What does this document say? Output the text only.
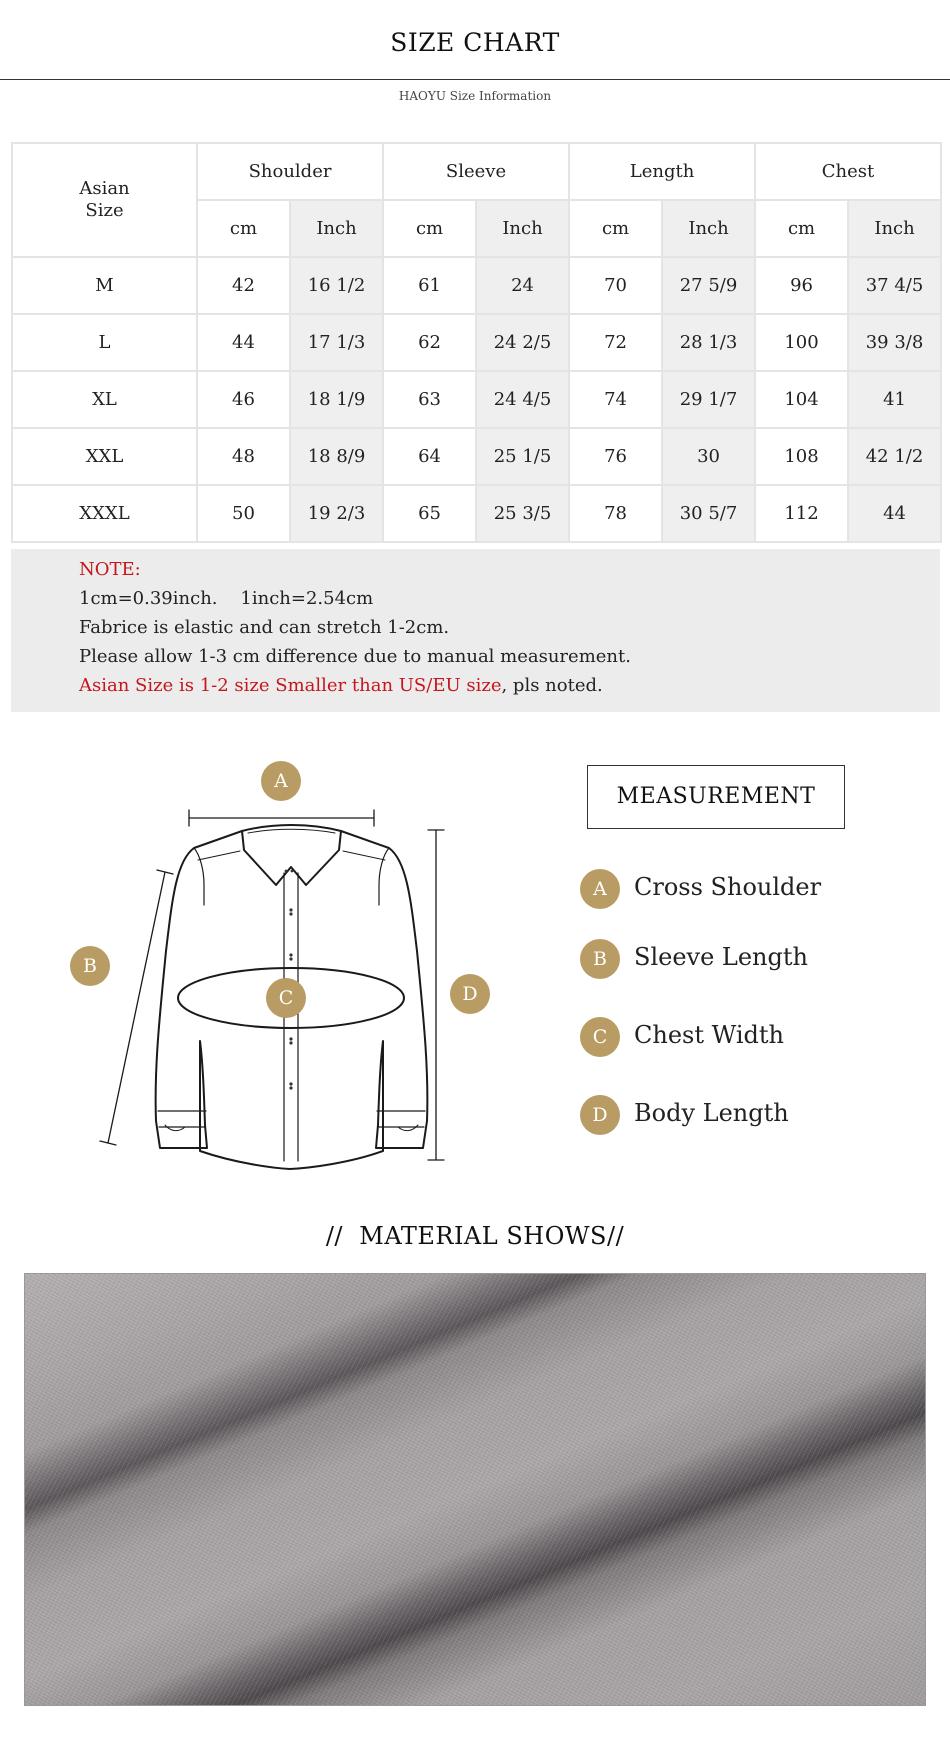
SIZE CHART
HAOYU Size Information
Asian Size	Shoulder		Sleeve		Length		Chest	
	cm	Inch	cm	Inch	cm	Inch	cm	Inch
M	42	16 1/2	61	24	70	27 5/9	96	37 4/5
L	44	17 1/3	62	24 2/5	72	28 1/3	100	39 3/8
XL	46	18 1/9	63	24 4/5	74	29 1/7	104	41
XXL	48	18 8/9	64	25 1/5	76	30	108	42 1/2
XXXL	50	19 2/3	65	25 3/5	78	30 5/7	112	44
NOTE:
1cm=0.39inch.    1inch=2.54cm
Fabrice is elastic and can stretch 1-2cm.
Please allow 1-3 cm difference due to manual measurement.
Asian Size is 1-2 size Smaller than US/EU size, pls noted.
A
B
C	D
MEASUREMENT
A	Cross Shoulder
B	Sleeve Length
C	Chest Width
D	Body Length
//  MATERIAL SHOWS//
